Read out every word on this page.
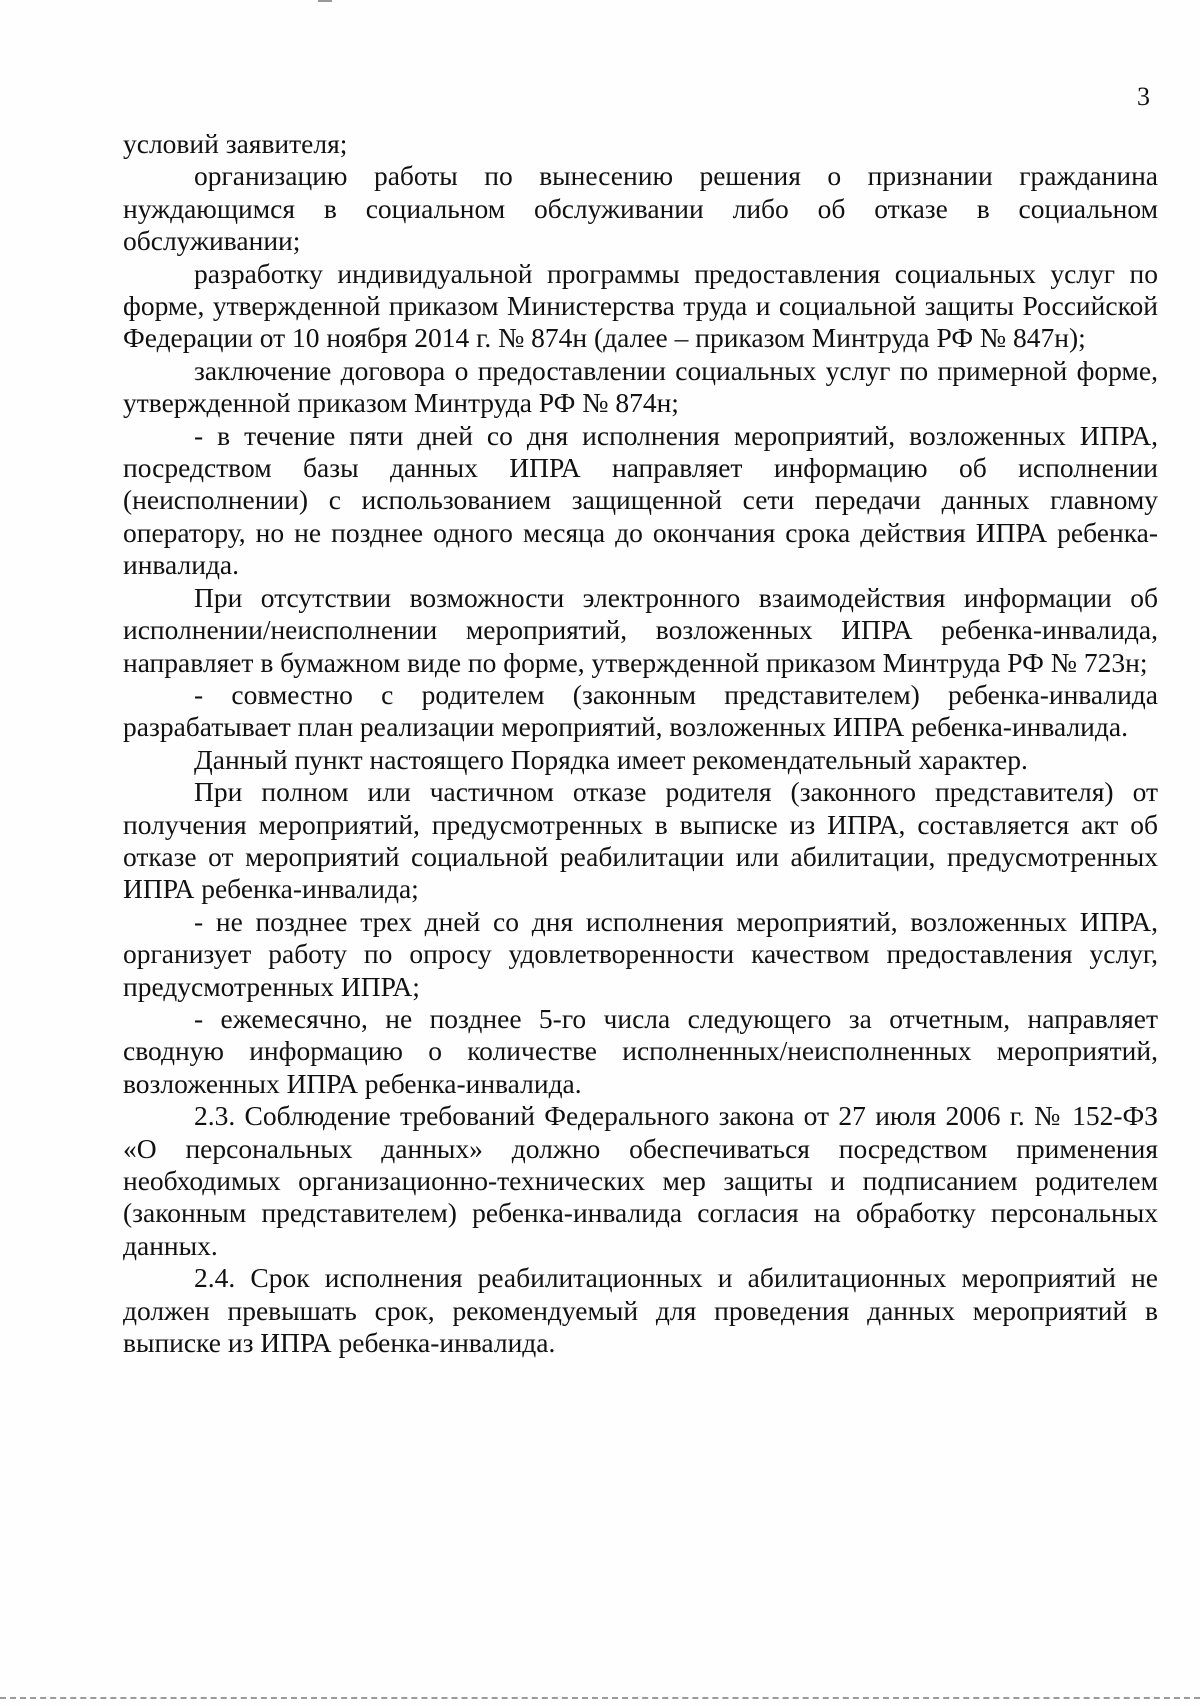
3

условий заявителя;

организацию работы по вынесению решения о признании гражданина нуждающимся в социальном обслуживании либо об отказе в социальном обслуживании;

разработку индивидуальной программы предоставления социальных услуг по форме, утвержденной приказом Министерства труда и социальной защиты Российской Федерации от 10 ноября 2014 г. № 874н (далее – приказом Минтруда РФ № 847н);

заключение договора о предоставлении социальных услуг по примерной форме, утвержденной приказом Минтруда РФ № 874н;

- в течение пяти дней со дня исполнения мероприятий, возложенных ИПРА, посредством базы данных ИПРА направляет информацию об исполнении (неисполнении) с использованием защищенной сети передачи данных главному оператору, но не позднее одного месяца до окончания срока действия ИПРА ребенка-инвалида.

При отсутствии возможности электронного взаимодействия информации об исполнении/неисполнении мероприятий, возложенных ИПРА ребенка-инвалида, направляет в бумажном виде по форме, утвержденной приказом Минтруда РФ № 723н;

- совместно с родителем (законным представителем) ребенка-инвалида разрабатывает план реализации мероприятий, возложенных ИПРА ребенка-инвалида.

Данный пункт настоящего Порядка имеет рекомендательный характер.

При полном или частичном отказе родителя (законного представителя) от получения мероприятий, предусмотренных в выписке из ИПРА, составляется акт об отказе от мероприятий социальной реабилитации или абилитации, предусмотренных ИПРА ребенка-инвалида;

- не позднее трех дней со дня исполнения мероприятий, возложенных ИПРА, организует работу по опросу удовлетворенности качеством предоставления услуг, предусмотренных ИПРА;

- ежемесячно, не позднее 5-го числа следующего за отчетным, направляет сводную информацию о количестве исполненных/неисполненных мероприятий, возложенных ИПРА ребенка-инвалида.

2.3. Соблюдение требований Федерального закона от 27 июля 2006 г. № 152-ФЗ «О персональных данных» должно обеспечиваться посредством применения необходимых организационно-технических мер защиты и подписанием родителем (законным представителем) ребенка-инвалида согласия на обработку персональных данных.

2.4. Срок исполнения реабилитационных и абилитационных мероприятий не должен превышать срок, рекомендуемый для проведения данных мероприятий в выписке из ИПРА ребенка-инвалида.
